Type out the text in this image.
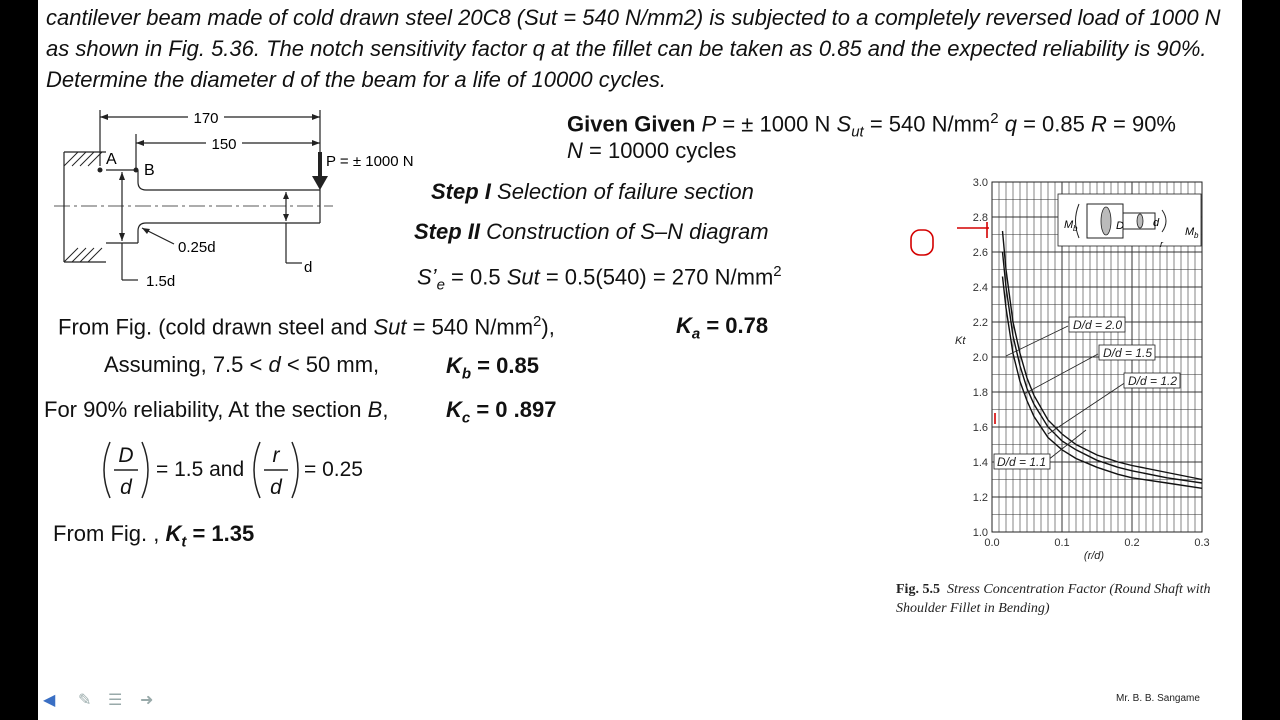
cantilever beam made of cold drawn steel 20C8 (Sut = 540 N/mm2) is subjected to a completely reversed load of 1000 N as shown in Fig. 5.36. The notch sensitivity factor q at the fillet can be taken as 0.85 and the expected reliability is 90%. Determine the diameter d of the beam for a life of 10000 cycles.

170
150
A
B
P = ± 1000 N
0.25d
d
1.5d
Given Given P = ± 1000 N $S_{ut} = 540$ $N/mm^2$ q = 0.85 R = 90%
N = 10000 cycles
Step I Selection of failure section
Step II Construction of S–N diagram
$S’_e = 0.5$ Sut = 0.5(540) = 270 $N/mm^2$
From Fig. (cold drawn steel and Sut = 540 $N/mm^2$),	$K_a = 0.78$
Assuming, 7.5 < d < 50 mm,	$K_b = 0.85$
For 90% reliability, At the section B,	$K_c = 0$ .897
D
d
r
d
= 1.5 and	= 0.25
From Fig. , $K_t = 1.35$	1.0
1.2
1.4
1.6
1.8
2.0
2.2
2.4
2.6
2.8
3.0
0.0	0.1	0.2	0.3
D/d = 2.0
D/d = 1.5
D/d = 1.2
D/d = 1.1
M b	D	d
r
M b
Kt
(r/d)
Fig. 5.5 Stress Concentration Factor (Round Shaft with Shoulder Fillet in Bending)
Mr. B. B. Sangame
◀ ✎ ☰ ➜
